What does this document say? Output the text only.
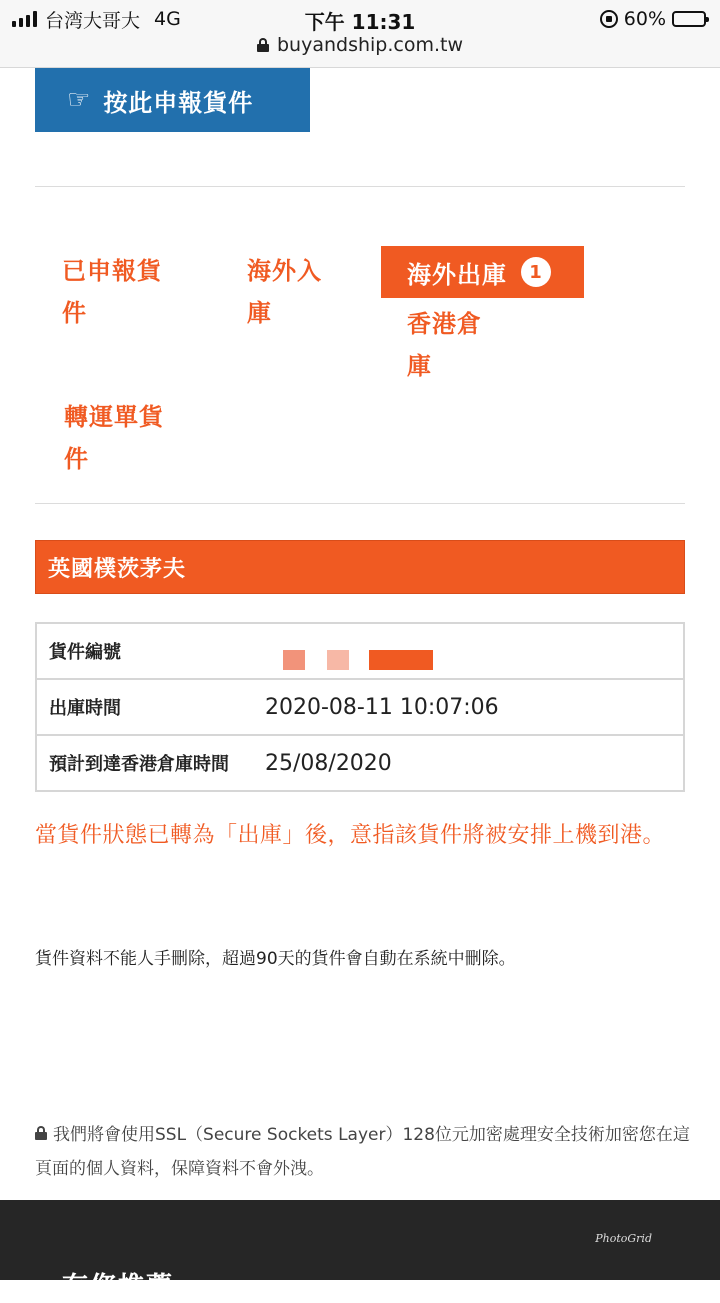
台湾大哥大 4G	下午 11:31	60%
buyandship.com.tw
☞ 按此申報貨件
已申報貨件
海外入庫
海外出庫	1
香港倉庫
轉運單貨件
英國樸茨茅夫
貨件編號
出庫時間	2020-08-11 10:07:06
預計到達香港倉庫時間 25/08/2020
當貨件狀態已轉為「出庫」後，意指該貨件將被安排上機到港。
貨件資料不能人手刪除，超過90天的貨件會自動在系統中刪除。
我們將會使用SSL（Secure Sockets Layer）128位元加密處理安全技術加密您在這頁面的個人資料，保障資料不會外洩。
PhotoGrid
有您推薦
